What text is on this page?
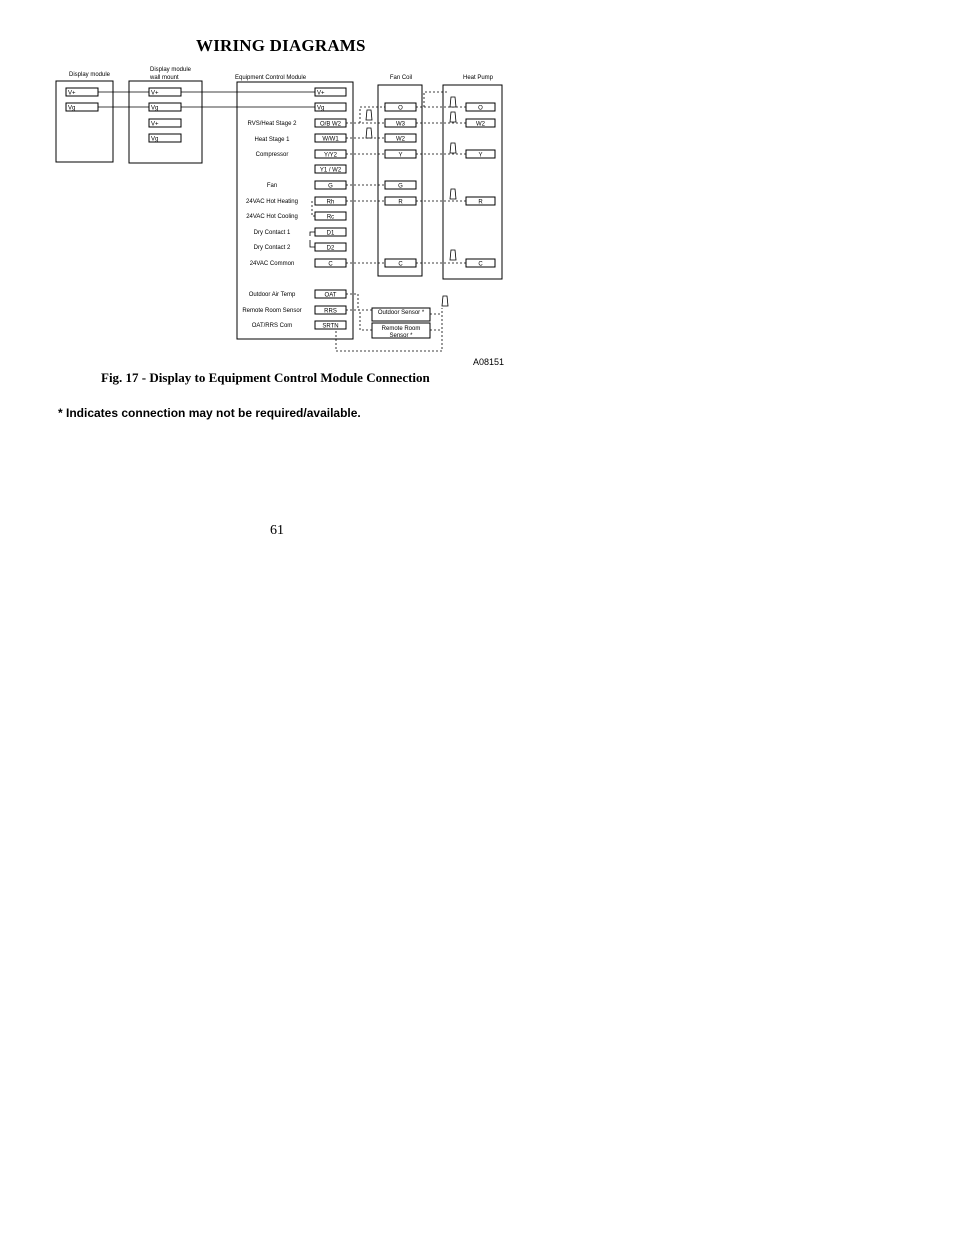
WIRING DIAGRAMS
Display module
V+
Vg
Display module
wall mount
V+
Vg
V+
Vg
Equipment Control Module
V+
Vg
O/B W2
W/W1
Y/Y2
Y1 / W2
G
Rh
Rc
D1
D2
C
OAT
RRS
SRTN
RVS/Heat Stage 2
Heat Stage 1
Compressor
Fan
24VAC Hot Heating
24VAC Hot Cooling
Dry Contact 1
Dry Contact 2
24VAC Common
Outdoor Air Temp
Remote Room Sensor
OAT/RRS Com
Fan Coil
O
W3
W2
Y
G
R
C
Heat Pump
O
W2
Y
R
C
Outdoor Sensor *
Remote Room
Sensor *
A08151
Fig. 17 - Display to Equipment Control Module Connection
* Indicates connection may not be required/available.
61
